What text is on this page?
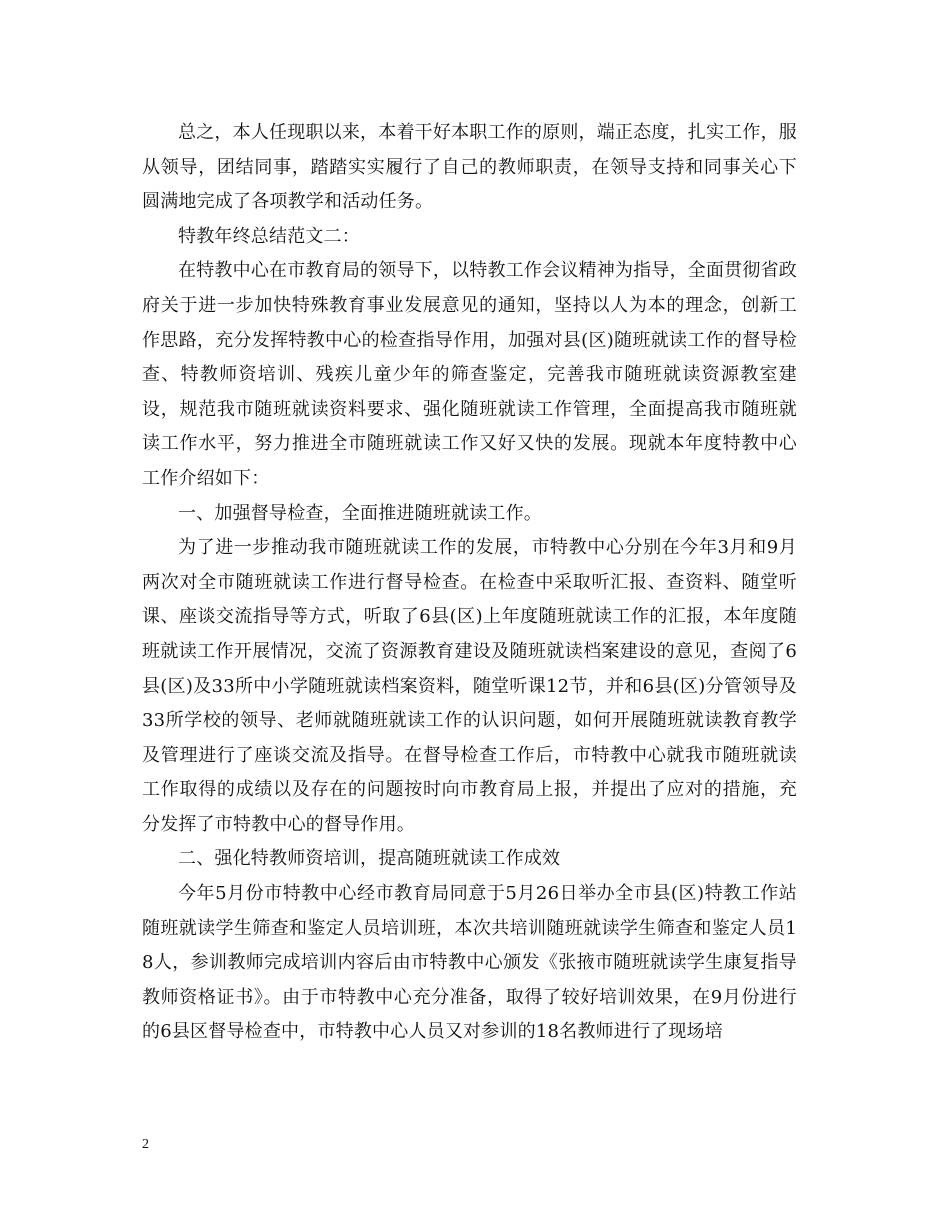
总之，本人任现职以来，本着干好本职工作的原则，端正态度，扎实工作，服从领导，团结同事，踏踏实实履行了自己的教师职责，在领导支持和同事关心下圆满地完成了各项教学和活动任务。

特教年终总结范文二：

在特教中心在市教育局的领导下，以特教工作会议精神为指导，全面贯彻省政府关于进一步加快特殊教育事业发展意见的通知，坚持以人为本的理念，创新工作思路，充分发挥特教中心的检查指导作用，加强对县(区)随班就读工作的督导检查、特教师资培训、残疾儿童少年的筛查鉴定，完善我市随班就读资源教室建设，规范我市随班就读资料要求、强化随班就读工作管理，全面提高我市随班就读工作水平，努力推进全市随班就读工作又好又快的发展。现就本年度特教中心工作介绍如下：

一、加强督导检查，全面推进随班就读工作。

为了进一步推动我市随班就读工作的发展，市特教中心分别在今年3月和9月两次对全市随班就读工作进行督导检查。在检查中采取听汇报、查资料、随堂听课、座谈交流指导等方式，听取了6县(区)上年度随班就读工作的汇报，本年度随班就读工作开展情况，交流了资源教育建设及随班就读档案建设的意见，查阅了6县(区)及33所中小学随班就读档案资料，随堂听课12节，并和6县(区)分管领导及33所学校的领导、老师就随班就读工作的认识问题，如何开展随班就读教育教学及管理进行了座谈交流及指导。在督导检查工作后，市特教中心就我市随班就读工作取得的成绩以及存在的问题按时向市教育局上报，并提出了应对的措施，充分发挥了市特教中心的督导作用。

二、强化特教师资培训，提高随班就读工作成效

今年5月份市特教中心经市教育局同意于5月26日举办全市县(区)特教工作站随班就读学生筛查和鉴定人员培训班，本次共培训随班就读学生筛查和鉴定人员18人，参训教师完成培训内容后由市特教中心颁发《张掖市随班就读学生康复指导教师资格证书》。由于市特教中心充分准备，取得了较好培训效果，在9月份进行的6县区督导检查中，市特教中心人员又对参训的18名教师进行了现场培

2
